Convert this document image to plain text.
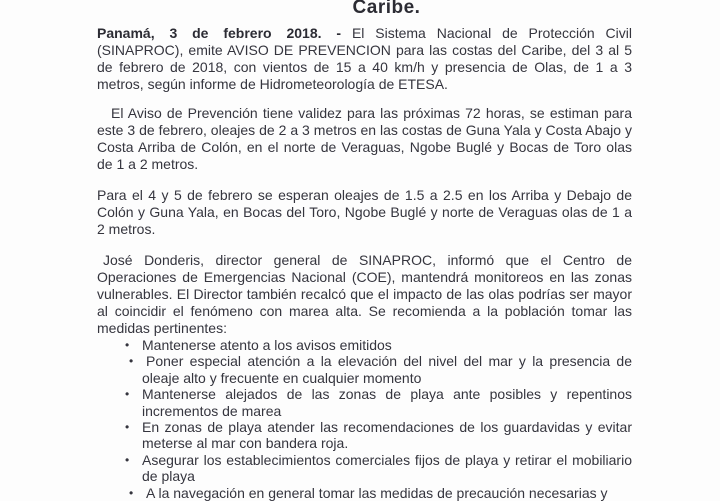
Caribe.

Panamá, 3 de febrero 2018. - El Sistema Nacional de Protección Civil (SINAPROC), emite AVISO DE PREVENCION para las costas del Caribe, del 3 al 5 de febrero de 2018, con vientos de 15 a 40 km/h y presencia de Olas, de 1 a 3 metros, según informe de Hidrometeorología de ETESA.

El Aviso de Prevención tiene validez para las próximas 72 horas, se estiman para este 3 de febrero, oleajes de 2 a 3 metros en las costas de Guna Yala y Costa Abajo y Costa Arriba de Colón, en el norte de Veraguas, Ngobe Buglé y Bocas de Toro olas de 1 a 2 metros.

Para el 4 y 5 de febrero se esperan oleajes de 1.5 a 2.5 en los Arriba y Debajo de Colón y Guna Yala, en Bocas del Toro, Ngobe Buglé y norte de Veraguas olas de 1 a 2 metros.

José Donderis, director general de SINAPROC, informó que el Centro de Operaciones de Emergencias Nacional (COE), mantendrá monitoreos en las zonas vulnerables. El Director también recalcó que el impacto de las olas podrías ser mayor al coincidir el fenómeno con marea alta. Se recomienda a la población tomar las medidas pertinentes:

• Mantenerse atento a los avisos emitidos
• Poner especial atención a la elevación del nivel del mar y la presencia de oleaje alto y frecuente en cualquier momento
• Mantenerse alejados de las zonas de playa ante posibles y repentinos incrementos de marea
• En zonas de playa atender las recomendaciones de los guardavidas y evitar meterse al mar con bandera roja.
• Asegurar los establecimientos comerciales fijos de playa y retirar el mobiliario de playa
• A la navegación en general tomar las medidas de precaución necesarias y
